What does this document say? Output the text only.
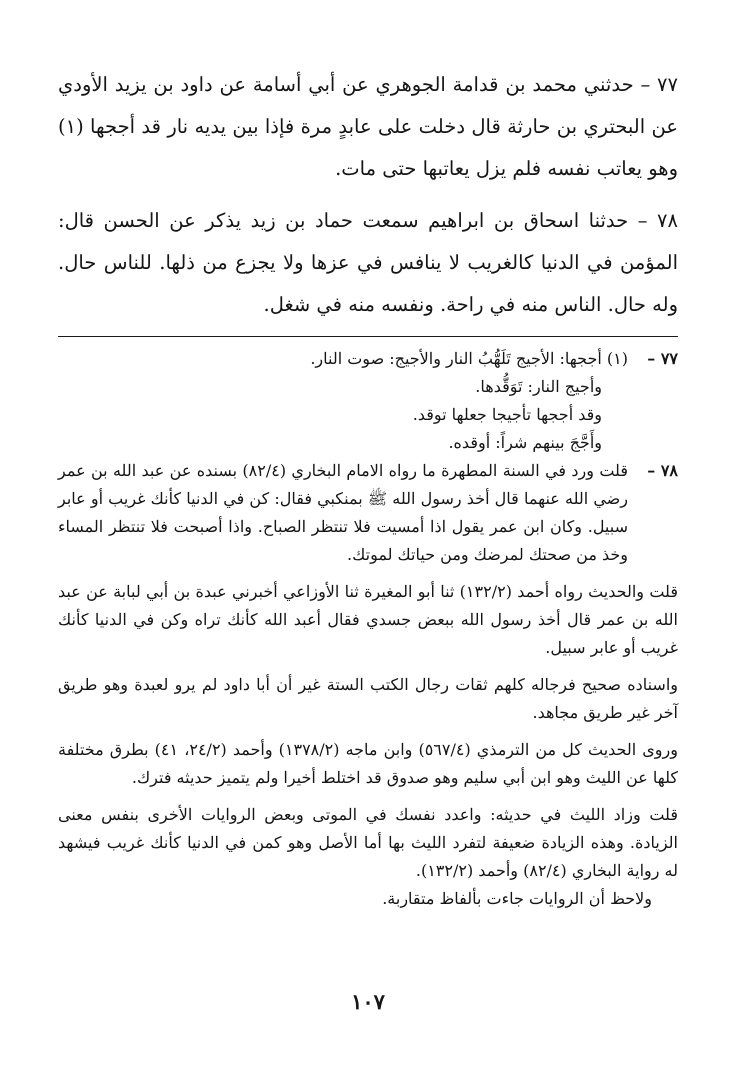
٧٧ – حدثني محمد بن قدامة الجوهري عن أبي أسامة عن داود بن يزيد الأودي عن البحتري بن حارثة قال دخلت على عابدٍ مرة فإذا بين يديه نار قد أججها (١) وهو يعاتب نفسه فلم يزل يعاتبها حتى مات.

٧٨ – حدثنا اسحاق بن ابراهيم سمعت حماد بن زيد يذكر عن الحسن قال: المؤمن في الدنيا كالغريب لا ينافس في عزها ولا يجزع من ذلها. للناس حال. وله حال. الناس منه في راحة. ونفسه منه في شغل.

٧٧ –

(١) أججها: الأجيج تَلَهُّبُ النار والأجيج: صوت النار.

وأجيج النار: تَوَقُّدها.

وقد أججها تأجيجا جعلها توقد.

وأَجَّجَ بينهم شراً: أوقده.

٧٨ –

قلت ورد في السنة المطهرة ما رواه الامام البخاري (٨٢/٤) بسنده عن عبد الله بن عمر رضي الله عنهما قال أخذ رسول الله ﷺ بمنكبي فقال: كن في الدنيا كأنك غريب أو عابر سبيل. وكان ابن عمر يقول اذا أمسيت فلا تنتظر الصباح. واذا أصبحت فلا تنتظر المساء وخذ من صحتك لمرضك ومن حياتك لموتك.

قلت والحديث رواه أحمد (١٣٢/٢) ثنا أبو المغيرة ثنا الأوزاعي أخبرني عبدة بن أبي لبابة عن عبد الله بن عمر قال أخذ رسول الله ببعض جسدي فقال أعبد الله كأنك تراه وكن في الدنيا كأنك غريب أو عابر سبيل.

واسناده صحيح فرجاله كلهم ثقات رجال الكتب الستة غير أن أبا داود لم يرو لعبدة وهو طريق آخر غير طريق مجاهد.

وروى الحديث كل من الترمذي (٥٦٧/٤) وابن ماجه (١٣٧٨/٢) وأحمد (٢٤/٢، ٤١) بطرق مختلفة كلها عن الليث وهو ابن أبي سليم وهو صدوق قد اختلط أخيرا ولم يتميز حديثه فترك.

قلت وزاد الليث في حديثه: واعدد نفسك في الموتى وبعض الروايات الأخرى بنفس معنى الزيادة. وهذه الزيادة ضعيفة لتفرد الليث بها أما الأصل وهو كمن في الدنيا كأنك غريب فيشهد له رواية البخاري (٨٢/٤) وأحمد (١٣٢/٢).

ولاحظ أن الروايات جاءت بألفاظ متقاربة.

١٠٧
